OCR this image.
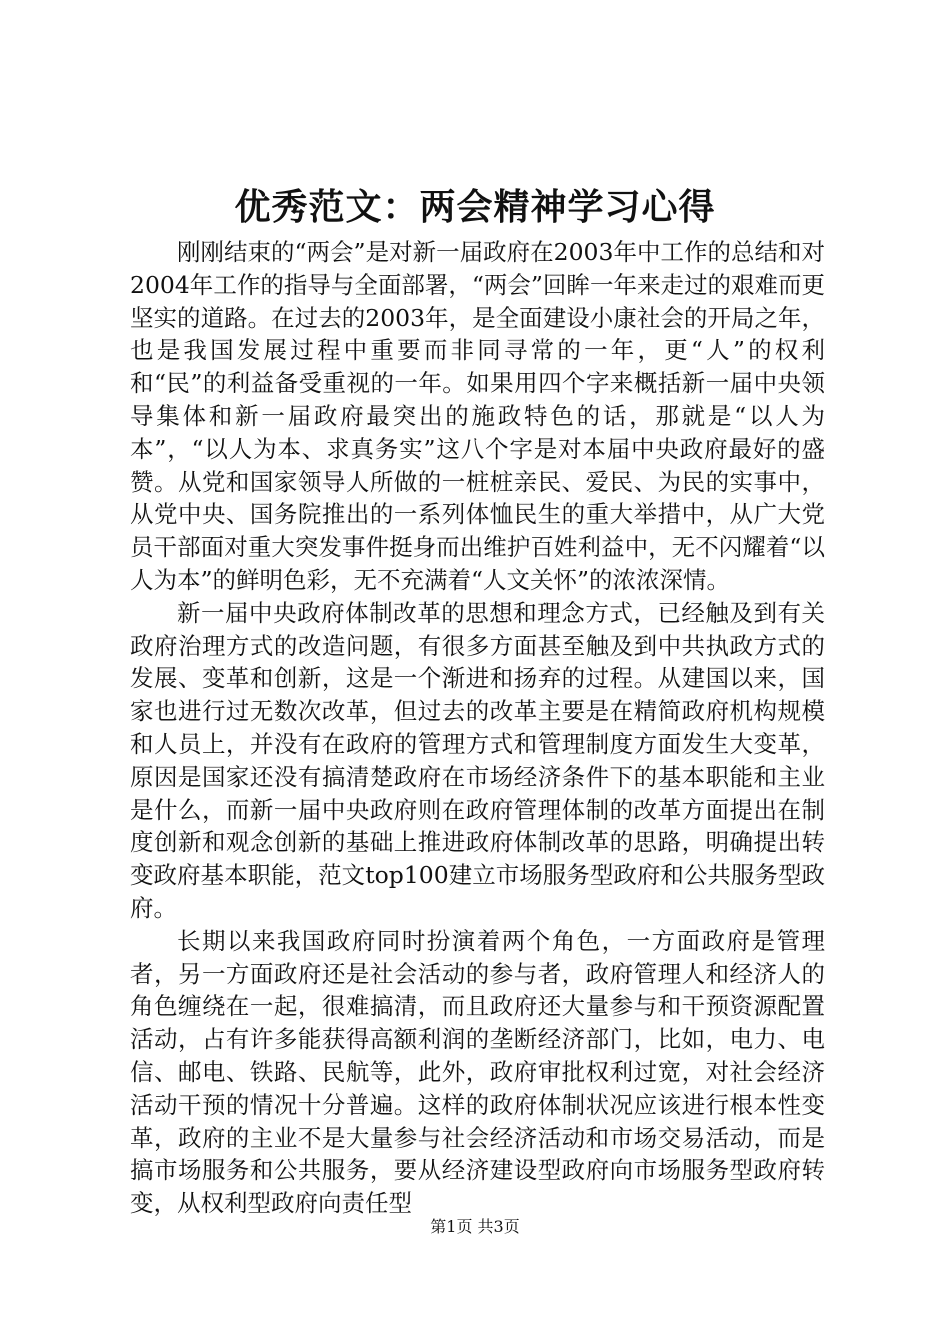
优秀范文：两会精神学习心得

刚刚结束的“两会”是对新一届政府在2003年中工作的总结和对2004年工作的指导与全面部署，“两会”回眸一年来走过的艰难而更坚实的道路。在过去的2003年，是全面建设小康社会的开局之年，也是我国发展过程中重要而非同寻常的一年，更“人”的权利和“民”的利益备受重视的一年。如果用四个字来概括新一届中央领导集体和新一届政府最突出的施政特色的话，那就是“以人为本”，“以人为本、求真务实”这八个字是对本届中央政府最好的盛赞。从党和国家领导人所做的一桩桩亲民、爱民、为民的实事中，从党中央、国务院推出的一系列体恤民生的重大举措中，从广大党员干部面对重大突发事件挺身而出维护百姓利益中，无不闪耀着“以人为本”的鲜明色彩，无不充满着“人文关怀”的浓浓深情。

新一届中央政府体制改革的思想和理念方式，已经触及到有关政府治理方式的改造问题，有很多方面甚至触及到中共执政方式的发展、变革和创新，这是一个渐进和扬弃的过程。从建国以来，国家也进行过无数次改革，但过去的改革主要是在精简政府机构规模和人员上，并没有在政府的管理方式和管理制度方面发生大变革，原因是国家还没有搞清楚政府在市场经济条件下的基本职能和主业是什么，而新一届中央政府则在政府管理体制的改革方面提出在制度创新和观念创新的基础上推进政府体制改革的思路，明确提出转变政府基本职能，范文top100建立市场服务型政府和公共服务型政府。

长期以来我国政府同时扮演着两个角色，一方面政府是管理者，另一方面政府还是社会活动的参与者，政府管理人和经济人的角色缠绕在一起，很难搞清，而且政府还大量参与和干预资源配置活动，占有许多能获得高额利润的垄断经济部门，比如，电力、电信、邮电、铁路、民航等，此外，政府审批权利过宽，对社会经济活动干预的情况十分普遍。这样的政府体制状况应该进行根本性变革，政府的主业不是大量参与社会经济活动和市场交易活动，而是搞市场服务和公共服务，要从经济建设型政府向市场服务型政府转变，从权利型政府向责任型

第1页 共3页
